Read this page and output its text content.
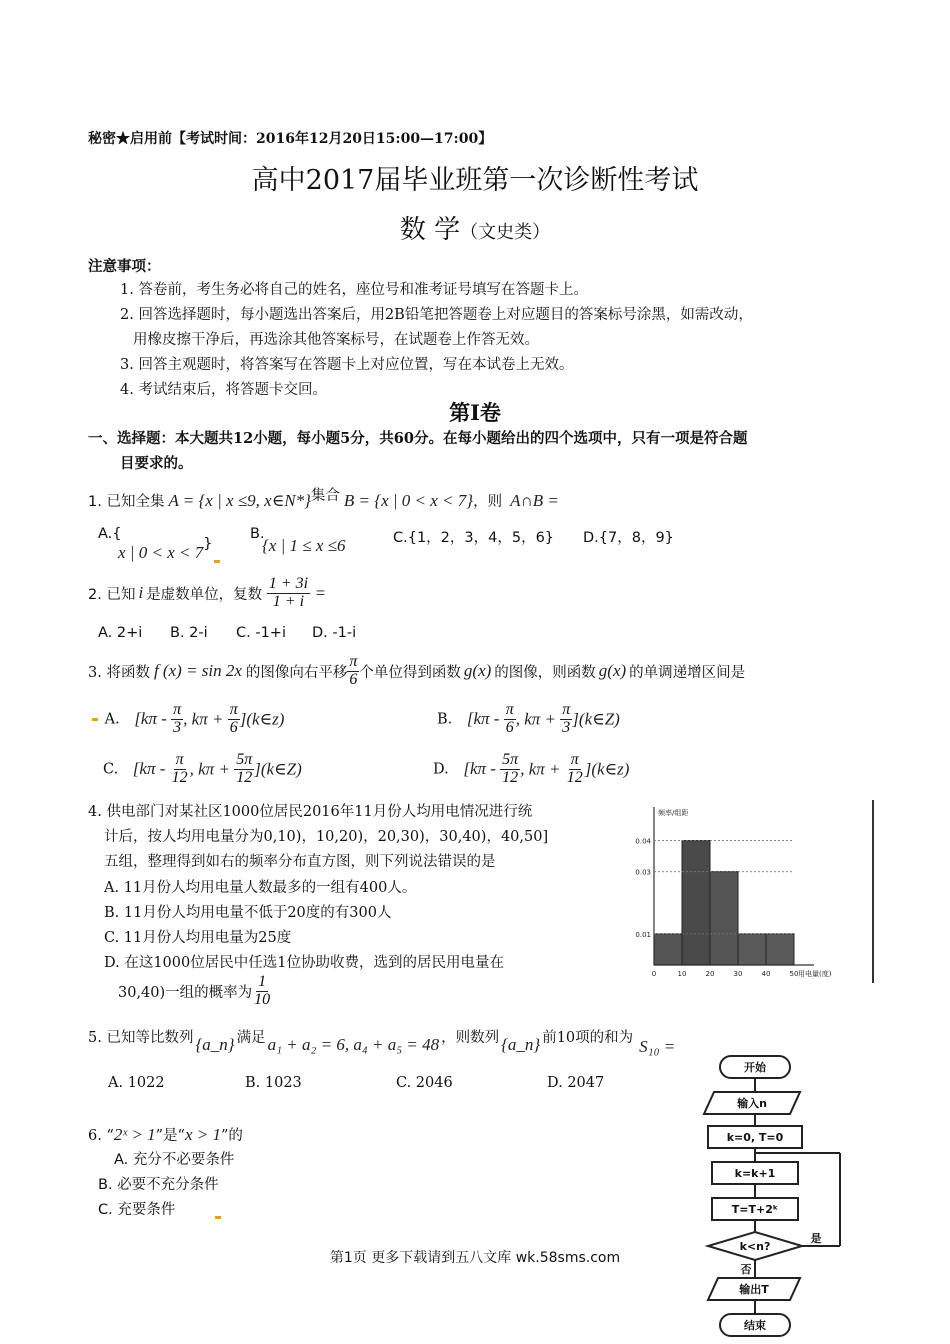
秘密★启用前【考试时间：2016年12月20日15:00—17:00】
高中2017届毕业班第一次诊断性考试
数 学（文史类）
注意事项：
1. 答卷前，考生务必将自己的姓名，座位号和准考证号填写在答题卡上。
2. 回答选择题时，每小题选出答案后，用2B铅笔把答题卷上对应题目的答案标号涂黑，如需改动，
用橡皮擦干净后，再选涂其他答案标号，在试题卷上作答无效。
3. 回答主观题时，将答案写在答题卡上对应位置，写在本试卷上无效。
4. 考试结束后，将答题卡交回。
第Ⅰ卷
一、选择题：本大题共12小题，每小题5分，共60分。在每小题给出的四个选项中，只有一项是符合题
目要求的。
1. 已知全集 A = {x | x ≤9, x∈N*}集合 B = {x | 0 < x < 7}，则 A∩B =
A.{
x | 0 < x < 7}
B.
{x | 1 ≤ x ≤6	C.{1，2，3，4，5，6} D.{7，8，9}
2. 已知 i 是虚数单位，复数 $\frac{1 + 3i}{1 + i}$ =
A. 2+i B. 2-i C. -1+i D. -1-i
3. 将函数 f (x) = sin 2x 的图像向右平移 $\frac{\pi}{6}$ 个单位得到函数 g(x) 的图像，则函数 g(x) 的单调递增区间是
A. [$k\pi - \frac{\pi}{3}$ , $k\pi + \frac{\pi}{6}$ ](k∈z)	B. [$k\pi - \frac{\pi}{6}$ , $k\pi + \frac{\pi}{3}$ ](k∈Z)
C. [$k\pi - \frac{\pi}{12}$ , $k\pi + \frac{5\pi}{12}$ ](k∈Z)	D. [$k\pi - \frac{5\pi}{12}$ , $k\pi + \frac{\pi}{12}$ ](k∈z)
4. 供电部门对某社区1000位居民2016年11月份人均用电情况进行统
计后，按人均用电量分为0,10)，10,20)，20,30)，30,40)，40,50]
五组，整理得到如右的频率分布直方图，则下列说法错误的是
A. 11月份人均用电量人数最多的一组有400人。
B. 11月份人均用电量不低于20度的有300人
C. 11月份人均用电量为25度
D. 在这1000位居民中任选1位协助收费，选到的居民用电量在
30,40)一组的概率为 $\frac{1}{10}$
0.01
0.03
0.04
0	10	20	30	40	50 用电量(度)
频率/组距
5. 已知等比数列 {a_n} 满足 a₁ + a₂ = 6, a₄ + a₅ = 48 ，则数列 {a_n} 前10项的和为 S₁₀ =
A. 1022	B. 1023	C. 2046	D. 2047
6. “2ˣ > 1”是“x > 1”的
A. 充分不必要条件
B. 必要不充分条件
C. 充要条件
开始
输入n
k=0, T=0
k=k+1
T=T+2ᵏ
k<n?
是
否
输出T
结束
第1页 更多下载请到五八文库 wk.58sms.com
